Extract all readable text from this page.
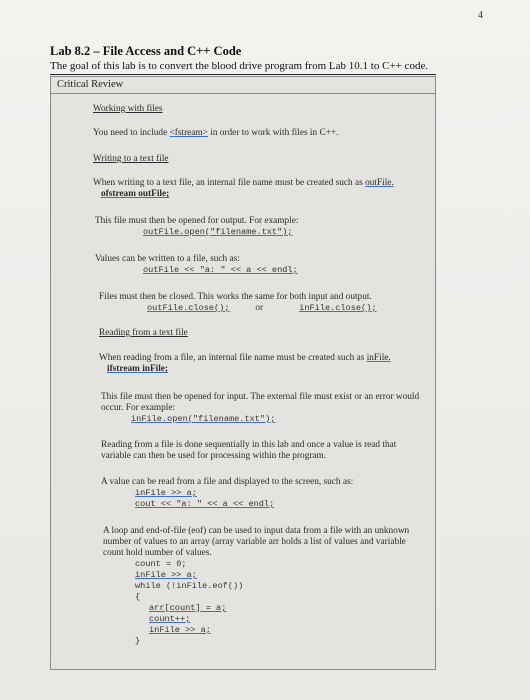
4
Lab 8.2 – File Access and C++ Code
The goal of this lab is to convert the blood drive program from Lab 10.1 to C++ code.
Critical Review
Working with files
You need to include <fstream> in order to work with files in C++.
Writing to a text file
When writing to a text file, an internal file name must be created such as outFile.
ofstream outFile;
This file must then be opened for output. For example:
outFile.open("filename.txt");
Values can be written to a file, such as:
outFile << "a: " << a << endl;
Files must then be closed. This works the same for both input and output.
outFile.close();	or	inFile.close();
Reading from a text file
When reading from a file, an internal file name must be created such as inFile.
ifstream inFile;
This file must then be opened for input. The external file must exist or an error would
occur. For example:
inFile.open("filename.txt");
Reading from a file is done sequentially in this lab and once a value is read that
variable can then be used for processing within the program.
A value can be read from a file and displayed to the screen, such as:
inFile >> a;
cout << "a: " << a << endl;
A loop and end-of-file (eof) can be used to input data from a file with an unknown
number of values to an array (array variable arr holds a list of values and variable
count hold number of values.
count = 0;
inFile >> a;
while (!inFile.eof())
{
arr[count] = a;
count++;
inFile >> a;
}
